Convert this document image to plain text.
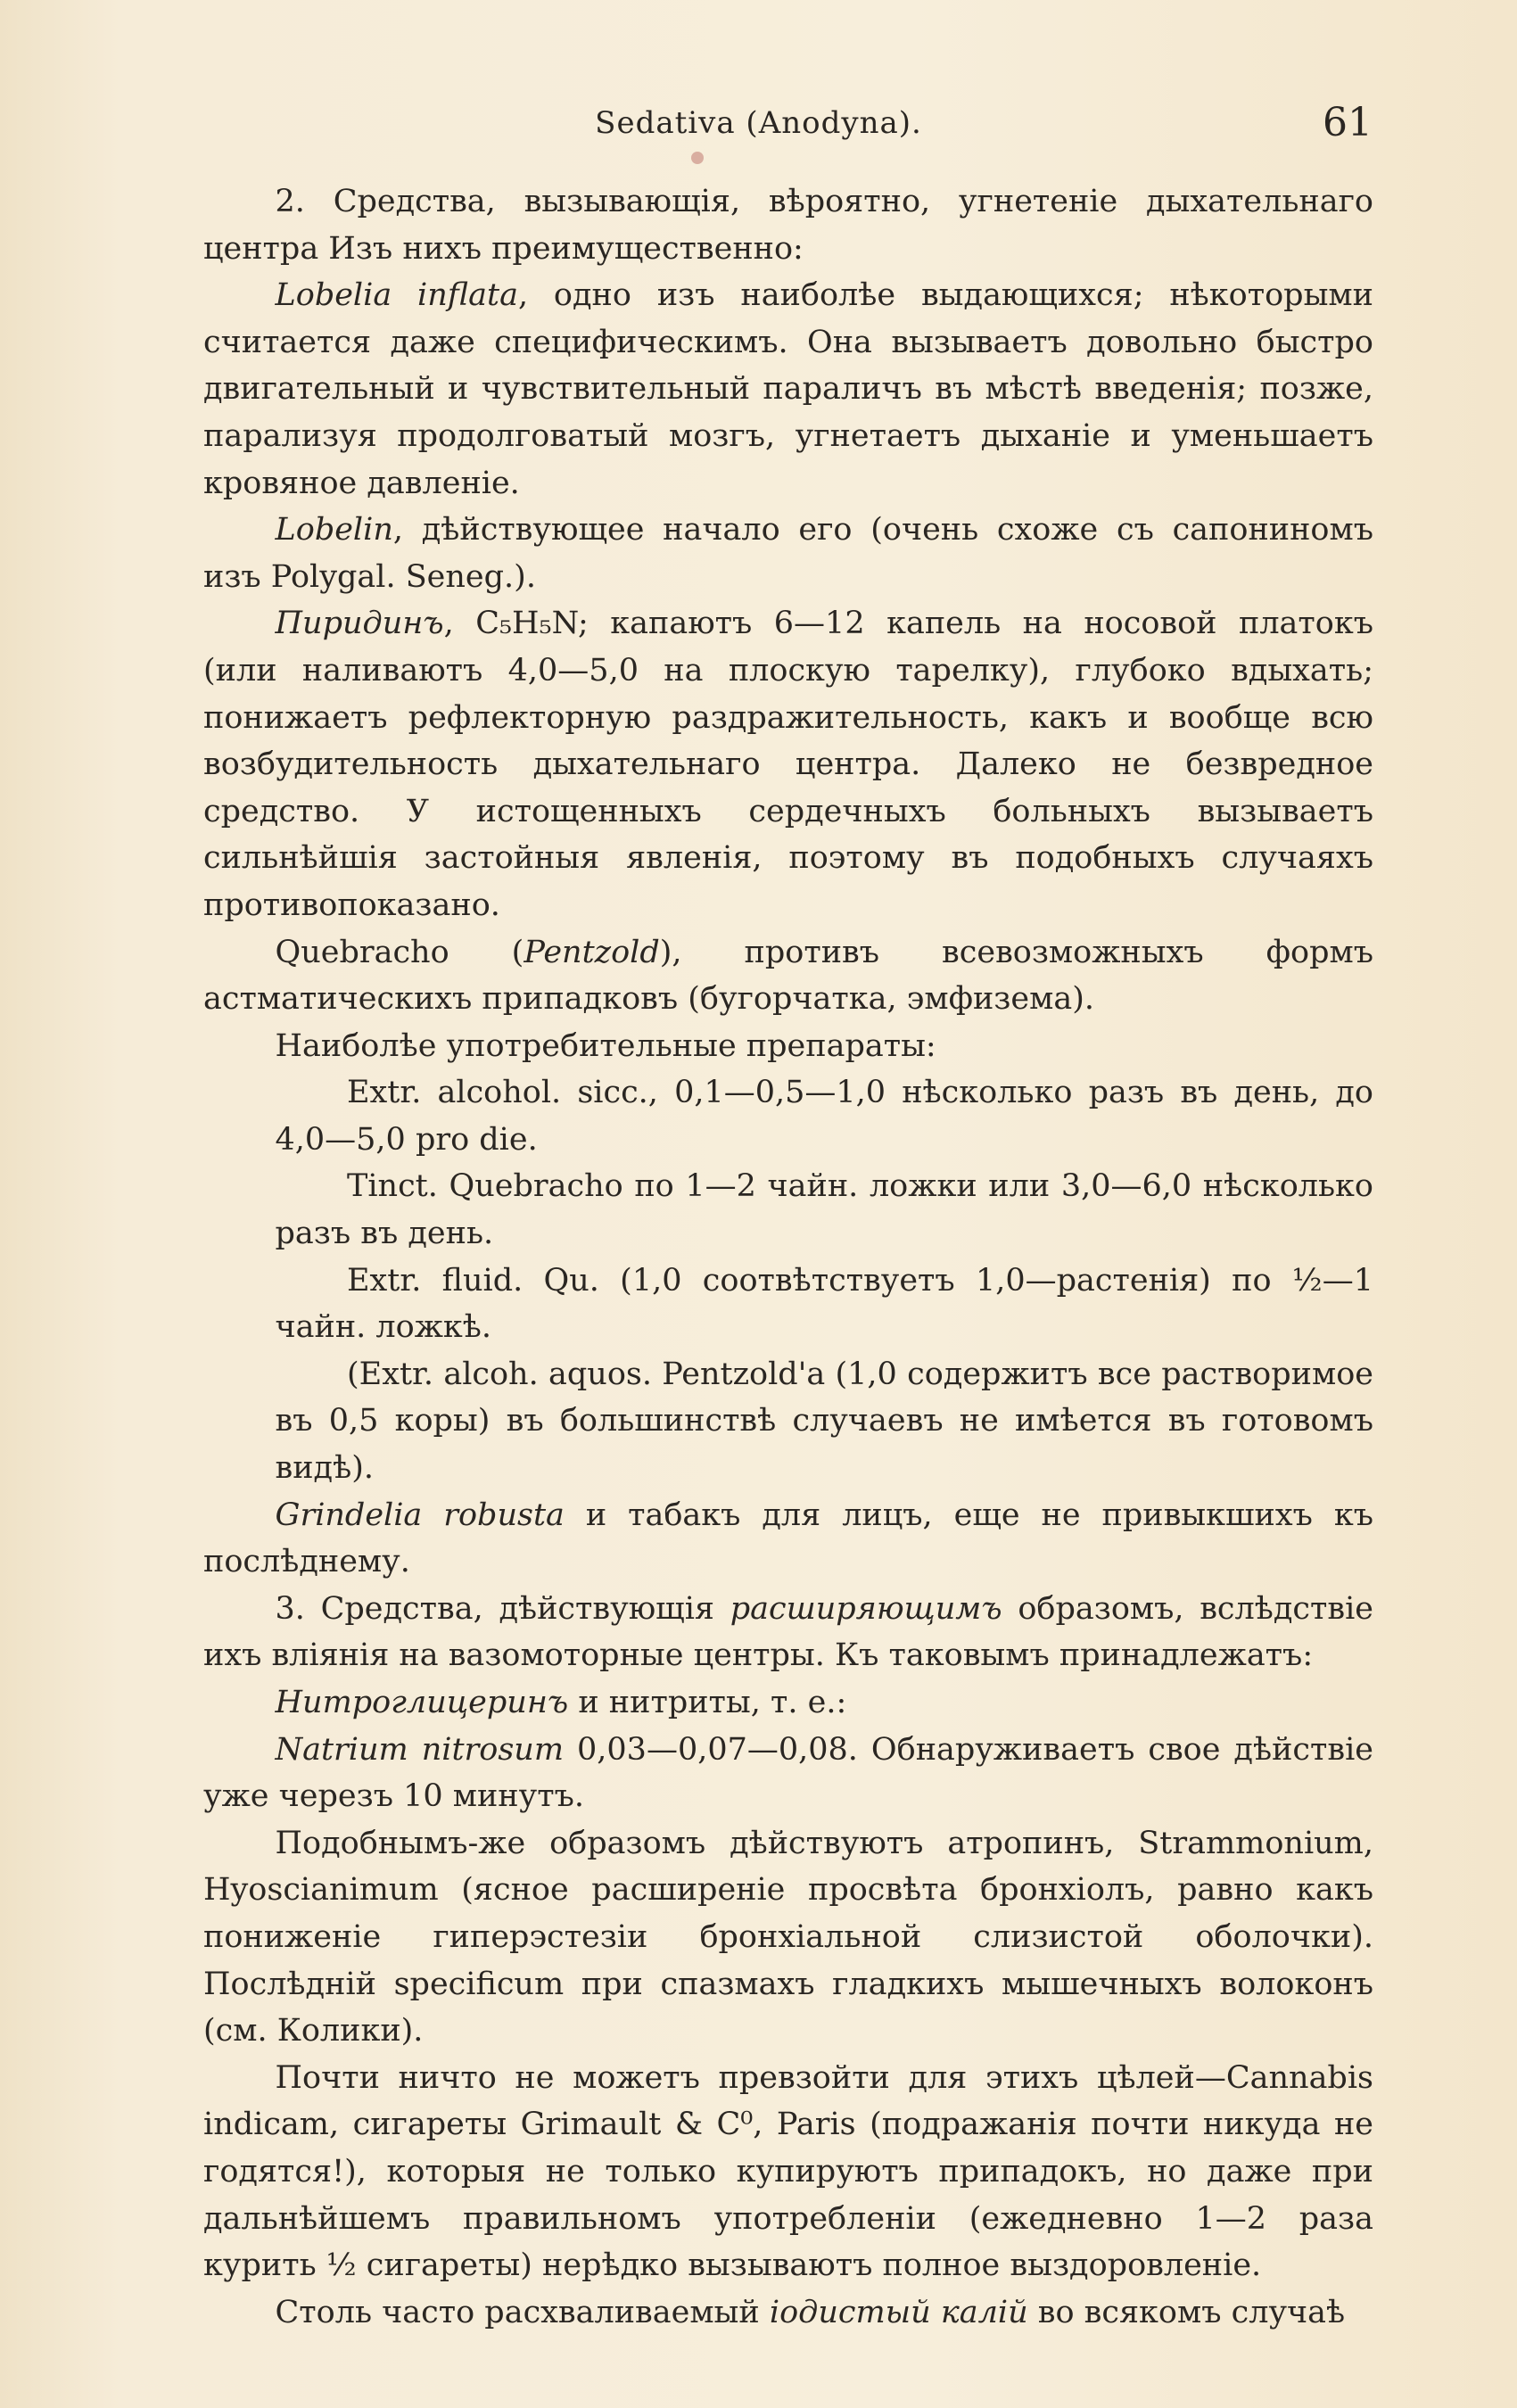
Sedativa (Anodyna).	61

2. Средства, вызывающія, вѣроятно, угнетеніе дыхательнаго центра Изъ нихъ преимущественно:

Lobelia inflata, одно изъ наиболѣе выдающихся; нѣкоторыми считается даже специфическимъ. Она вызываетъ довольно быстро двигательный и чувствительный параличъ въ мѣстѣ введенія; позже, парализуя продолговатый мозгъ, угнетаетъ дыханіе и уменьшаетъ кровяное давленіе.

Lobelin, дѣйствующее начало его (очень схоже съ сапониномъ изъ Polygal. Seneg.).

Пиридинъ, C₅H₅N; капаютъ 6—12 капель на носовой платокъ (или наливаютъ 4,0—5,0 на плоскую тарелку), глубоко вдыхать; понижаетъ рефлекторную раздражительность, какъ и вообще всю возбудительность дыхательнаго центра. Далеко не безвредное средство. У истощенныхъ сердечныхъ больныхъ вызываетъ сильнѣйшія застойныя явленія, поэтому въ подобныхъ случаяхъ противопоказано.

Quebracho (Pentzold), противъ всевозможныхъ формъ астматическихъ припадковъ (бугорчатка, эмфизема).

Наиболѣе употребительные препараты:

Extr. alcohol. sicc., 0,1—0,5—1,0 нѣсколько разъ въ день, до 4,0—5,0 pro die.

Tinct. Quebracho по 1—2 чайн. ложки или 3,0—6,0 нѣсколько разъ въ день.

Extr. fluid. Qu. (1,0 соотвѣтствуетъ 1,0—растенія) по ½—1 чайн. ложкѣ.

(Extr. alcoh. aquos. Pentzold'a (1,0 содержитъ все растворимое въ 0,5 коры) въ большинствѣ случаевъ не имѣется въ готовомъ видѣ).

Grindelia robusta и табакъ для лицъ, еще не привыкшихъ къ послѣднему.

3. Средства, дѣйствующія расширяющимъ образомъ, вслѣдствіе ихъ вліянія на вазомоторные центры. Къ таковымъ принадлежатъ:

Нитроглицеринъ и нитриты, т. е.:

Natrium nitrosum 0,03—0,07—0,08. Обнаруживаетъ свое дѣйствіе уже черезъ 10 минутъ.

Подобнымъ-же образомъ дѣйствуютъ атропинъ, Strammonium, Hyoscianimum (ясное расширеніе просвѣта бронхіолъ, равно какъ пониженіе гиперэстезіи бронхіальной слизистой оболочки). Послѣдній specificum при спазмахъ гладкихъ мышечныхъ волоконъ (см. Колики).

Почти ничто не можетъ превзойти для этихъ цѣлей—Cannabis indicam, сигареты Grimault & C⁰, Paris (подражанія почти никуда не годятся!), которыя не только купируютъ припадокъ, но даже при дальнѣйшемъ правильномъ употребленіи (ежедневно 1—2 раза курить ½ сигареты) нерѣдко вызываютъ полное выздоровленіе.

Столь часто расхваливаемый іодистый калій во всякомъ случаѣ
